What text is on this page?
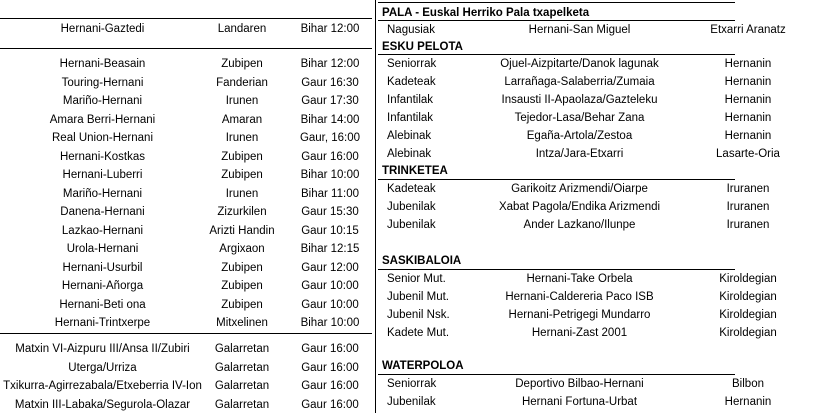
Hernani-Gaztedi	Landaren	Bihar 12:00
Hernani-Beasain	Zubipen	Bihar 12:00
Touring-Hernani	Fanderian	Gaur 16:30
Mariño-Hernani	Irunen	Gaur 17:30
Amara Berri-Hernani	Amaran	Bihar 14:00
Real Union-Hernani	Irunen	Gaur, 16:00
Hernani-Kostkas	Zubipen	Gaur 16:00
Hernani-Luberri	Zubipen	Bihar 10:00
Mariño-Hernani	Irunen	Bihar 11:00
Danena-Hernani	Zizurkilen	Gaur 15:30
Lazkao-Hernani	Arizti Handin	Gaur 10:15
Urola-Hernani	Argixaon	Bihar 12:15
Hernani-Usurbil	Zubipen	Gaur 12:00
Hernani-Añorga	Zubipen	Gaur 10:00
Hernani-Beti ona	Zubipen	Gaur 10:00
Hernani-Trintxerpe	Mitxelinen	Bihar 10:00
Matxin VI-Aizpuru III/Ansa II/Zubiri	Galarretan	Gaur 16:00
Uterga/Urriza	Galarretan	Gaur 16:00
Txikurra-Agirrezabala/Etxeberria IV-Ion	Galarretan	Gaur 16:00
Matxin III-Labaka/Segurola-Olazar	Galarretan	Gaur 16:00
PALA - Euskal Herriko Pala txapelketa
Nagusiak	Hernani-San Miguel	Etxarri Aranatz
ESKU PELOTA
Seniorrak	Ojuel-Aizpitarte/Danok lagunak	Hernanin
Kadeteak	Larrañaga-Salaberria/Zumaia	Hernanin
Infantilak	Insausti II-Apaolaza/Gazteleku	Hernanin
Infantilak	Tejedor-Lasa/Behar Zana	Hernanin
Alebinak	Egaña-Artola/Zestoa	Hernanin
Alebinak	Intza/Jara-Etxarri	Lasarte-Oria
TRINKETEA
Kadeteak	Garikoitz Arizmendi/Oiarpe	Iruranen
Jubenilak	Xabat Pagola/Endika Arizmendi	Iruranen
Jubenilak	Ander Lazkano/Ilunpe	Iruranen
SASKIBALOIA
Senior Mut.	Hernani-Take Orbela	Kiroldegian
Jubenil Mut.	Hernani-Caldereria Paco ISB	Kiroldegian
Jubenil Nsk.	Hernani-Petrigegi Mundarro	Kiroldegian
Kadete Mut.	Hernani-Zast 2001	Kiroldegian
WATERPOLOA
Seniorrak	Deportivo Bilbao-Hernani	Bilbon
Jubenilak	Hernani Fortuna-Urbat	Hernanin
